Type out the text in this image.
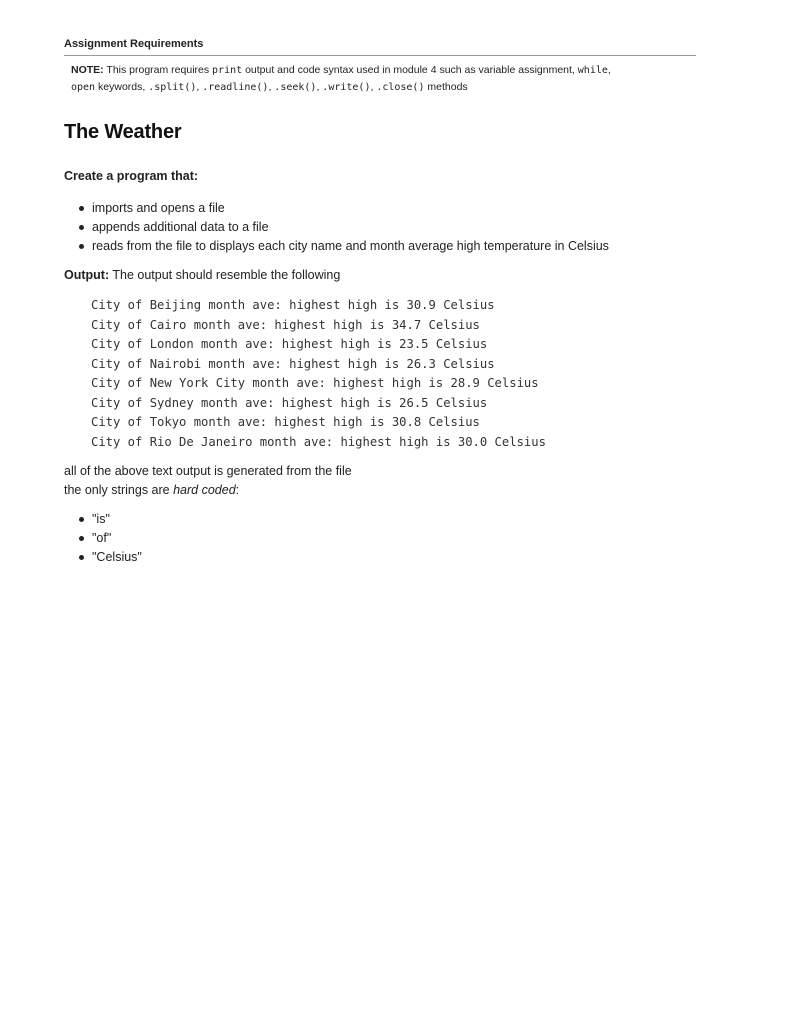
Assignment Requirements
NOTE: This program requires print output and code syntax used in module 4 such as variable assignment, while,
open keywords, .split(), .readline(), .seek(), .write(), .close() methods
The Weather
Create a program that:
imports and opens a file
appends additional data to a file
reads from the file to displays each city name and month average high temperature in Celsius
Output: The output should resemble the following
City of Beijing month ave: highest high is 30.9 Celsius
City of Cairo month ave: highest high is 34.7 Celsius
City of London month ave: highest high is 23.5 Celsius
City of Nairobi month ave: highest high is 26.3 Celsius
City of New York City month ave: highest high is 28.9 Celsius
City of Sydney month ave: highest high is 26.5 Celsius
City of Tokyo month ave: highest high is 30.8 Celsius
City of Rio De Janeiro month ave: highest high is 30.0 Celsius
all of the above text output is generated from the file
the only strings are hard coded:
"is"
"of"
"Celsius"
